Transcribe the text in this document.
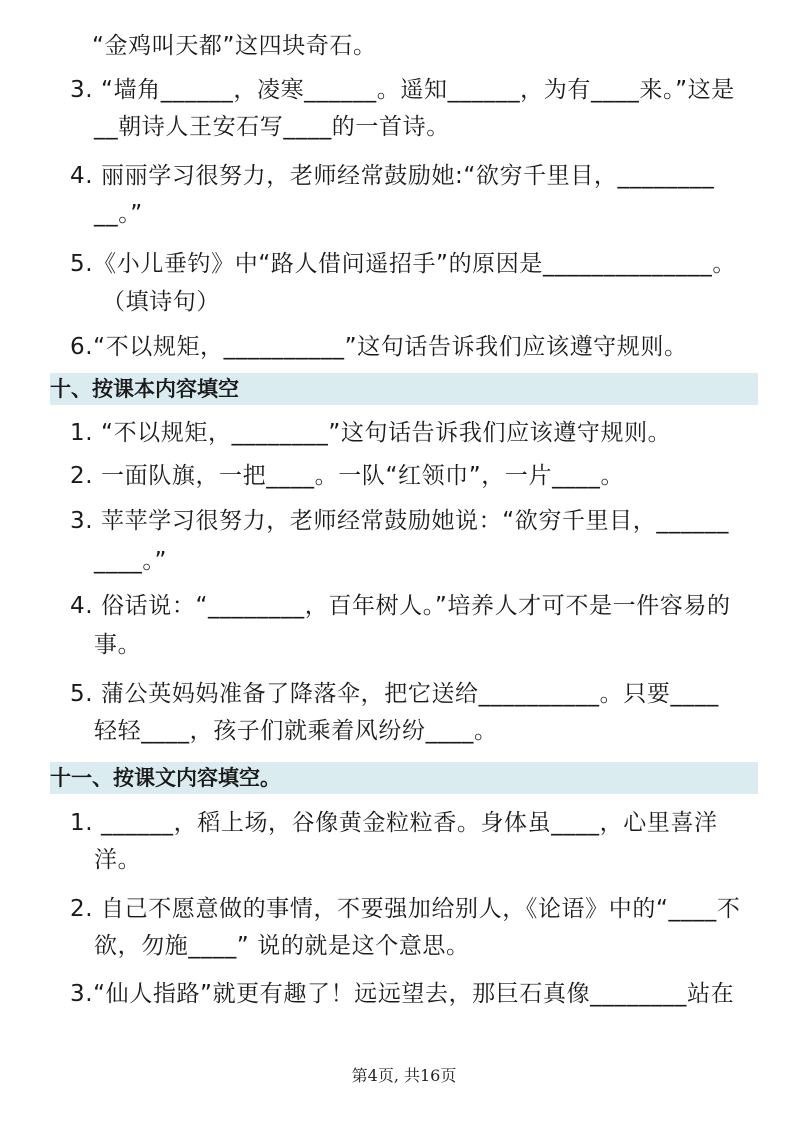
“金鸡叫天都”这四块奇石。
3. “墙角______，凌寒______。遥知______，为有____来。”这是
__朝诗人王安石写____的一首诗。
4. 丽丽学习很努力，老师经常鼓励她:“欲穷千里目，________
__。”
5.《小儿垂钓》中“路人借问遥招手”的原因是______________。
（填诗句）
6.“不以规矩，__________”这句话告诉我们应该遵守规则。
十、按课本内容填空
1. “不以规矩，________”这句话告诉我们应该遵守规则。
2. 一面队旗，一把____。一队“红领巾”，一片____。
3. 苹苹学习很努力，老师经常鼓励她说：“欲穷千里目，______
____。”
4. 俗话说：“________，百年树人。”培养人才可不是一件容易的
事。
5. 蒲公英妈妈准备了降落伞，把它送给__________。只要____
轻轻____，孩子们就乘着风纷纷____。
十一、按课文内容填空。
1. ______，稻上场，谷像黄金粒粒香。身体虽____，心里喜洋
洋。
2. 自己不愿意做的事情，不要强加给别人，《论语》中的“____不
欲，勿施____” 说的就是这个意思。
3.“仙人指路”就更有趣了！远远望去，那巨石真像________站在
第4页, 共16页
